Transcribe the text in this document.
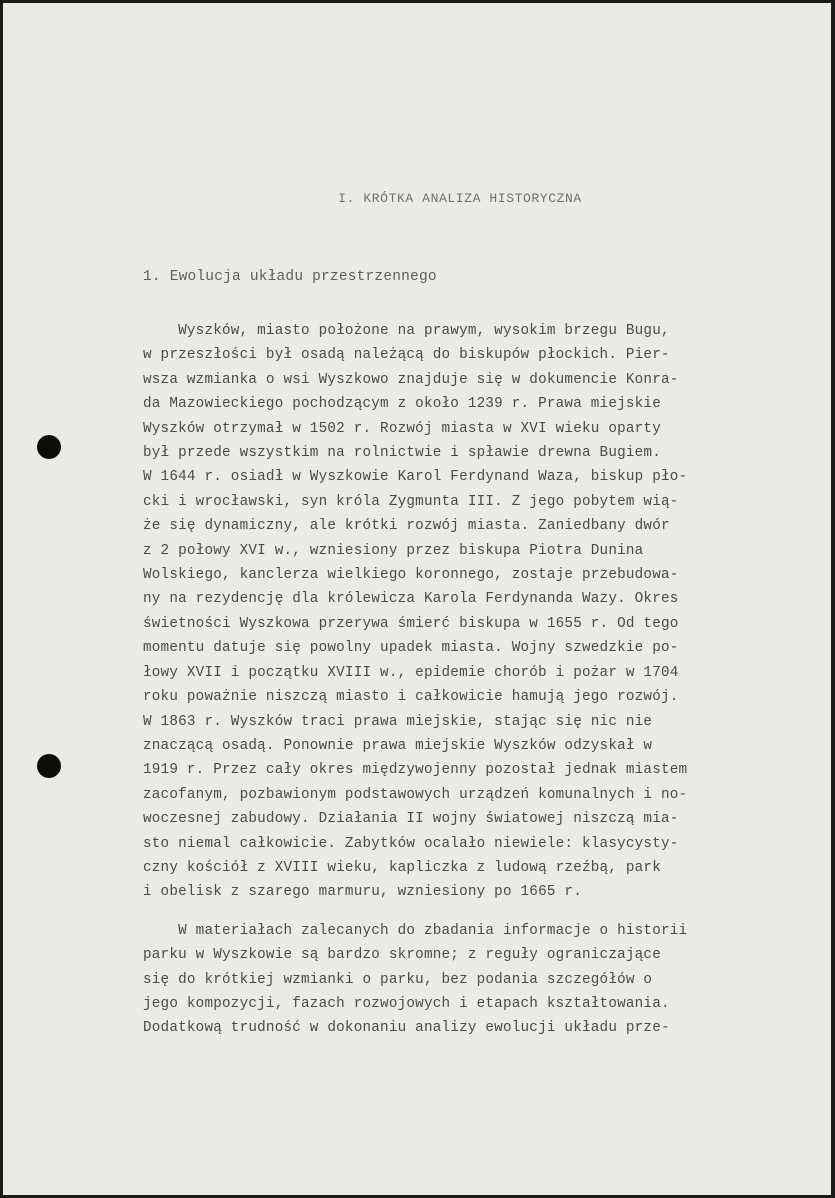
I. KRÓTKA ANALIZA HISTORYCZNA
1. Ewolucja układu przestrzennego

Wyszków, miasto położone na prawym, wysokim brzegu Bugu,
w przeszłości był osadą należącą do biskupów płockich. Pier-
wsza wzmianka o wsi Wyszkowo znajduje się w dokumencie Konra-
da Mazowieckiego pochodzącym z około 1239 r. Prawa miejskie
Wyszków otrzymał w 1502 r. Rozwój miasta w XVI wieku oparty
był przede wszystkim na rolnictwie i spławie drewna Bugiem.
W 1644 r. osiadł w Wyszkowie Karol Ferdynand Waza, biskup pło-
cki i wrocławski, syn króla Zygmunta III. Z jego pobytem wią-
że się dynamiczny, ale krótki rozwój miasta. Zaniedbany dwór
z 2 połowy XVI w., wzniesiony przez biskupa Piotra Dunina
Wolskiego, kanclerza wielkiego koronnego, zostaje przebudowa-
ny na rezydencję dla królewicza Karola Ferdynanda Wazy. Okres
świetności Wyszkowa przerywa śmierć biskupa w 1655 r. Od tego
momentu datuje się powolny upadek miasta. Wojny szwedzkie po-
łowy XVII i początku XVIII w., epidemie chorób i pożar w 1704
roku poważnie niszczą miasto i całkowicie hamują jego rozwój.
W 1863 r. Wyszków traci prawa miejskie, stając się nic nie
znaczącą osadą. Ponownie prawa miejskie Wyszków odzyskał w
1919 r. Przez cały okres międzywojenny pozostał jednak miastem
zacofanym, pozbawionym podstawowych urządzeń komunalnych i no-
woczesnej zabudowy. Działania II wojny światowej niszczą mia-
sto niemal całkowicie. Zabytków ocalało niewiele: klasycysty-
czny kościół z XVIII wieku, kapliczka z ludową rzeźbą, park
i obelisk z szarego marmuru, wzniesiony po 1665 r.

W materiałach zalecanych do zbadania informacje o historii
parku w Wyszkowie są bardzo skromne; z reguły ograniczające
się do krótkiej wzmianki o parku, bez podania szczegółów o
jego kompozycji, fazach rozwojowych i etapach kształtowania.
Dodatkową trudność w dokonaniu analizy ewolucji układu prze-
